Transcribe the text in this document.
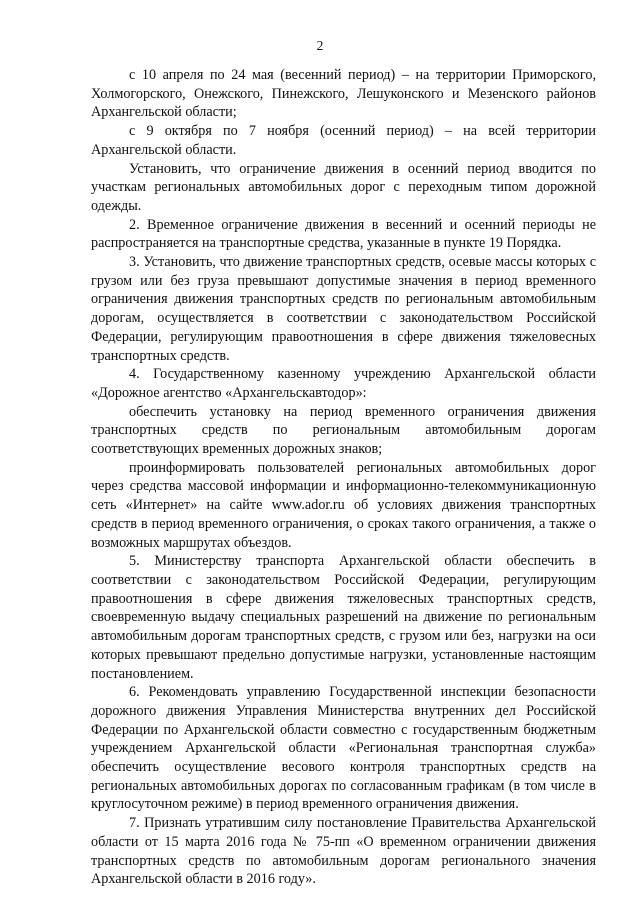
2

с 10 апреля по 24 мая (весенний период) – на территории Приморского, Холмогорского, Онежского, Пинежского, Лешуконского и Мезенского районов Архангельской области;

с 9 октября по 7 ноября (осенний период) – на всей территории Архангельской области.

Установить, что ограничение движения в осенний период вводится по участкам региональных автомобильных дорог с переходным типом дорожной одежды.

2. Временное ограничение движения в весенний и осенний периоды не распространяется на транспортные средства, указанные в пункте 19 Порядка.

3. Установить, что движение транспортных средств, осевые массы которых с грузом или без груза превышают допустимые значения в период временного ограничения движения транспортных средств по региональным автомобильным дорогам, осуществляется в соответствии с законодательством Российской Федерации, регулирующим правоотношения в сфере движения тяжеловесных транспортных средств.

4. Государственному казенному учреждению Архангельской области «Дорожное агентство «Архангельскавтодор»:

обеспечить установку на период временного ограничения движения транспортных средств по региональным автомобильным дорогам соответствующих временных дорожных знаков;

проинформировать пользователей региональных автомобильных дорог через средства массовой информации и информационно-телекоммуникационную сеть «Интернет» на сайте www.ador.ru об условиях движения транспортных средств в период временного ограничения, о сроках такого ограничения, а также о возможных маршрутах объездов.

5. Министерству транспорта Архангельской области обеспечить в соответствии с законодательством Российской Федерации, регулирующим правоотношения в сфере движения тяжеловесных транспортных средств, своевременную выдачу специальных разрешений на движение по региональным автомобильным дорогам транспортных средств, с грузом или без, нагрузки на оси которых превышают предельно допустимые нагрузки, установленные настоящим постановлением.

6. Рекомендовать управлению Государственной инспекции безопасности дорожного движения Управления Министерства внутренних дел Российской Федерации по Архангельской области совместно с государственным бюджетным учреждением Архангельской области «Региональная транспортная служба» обеспечить осуществление весового контроля транспортных средств на региональных автомобильных дорогах по согласованным графикам (в том числе в круглосуточном режиме) в период временного ограничения движения.

7. Признать утратившим силу постановление Правительства Архангельской области от 15 марта 2016 года № 75-пп «О временном ограничении движения транспортных средств по автомобильным дорогам регионального значения Архангельской области в 2016 году».
